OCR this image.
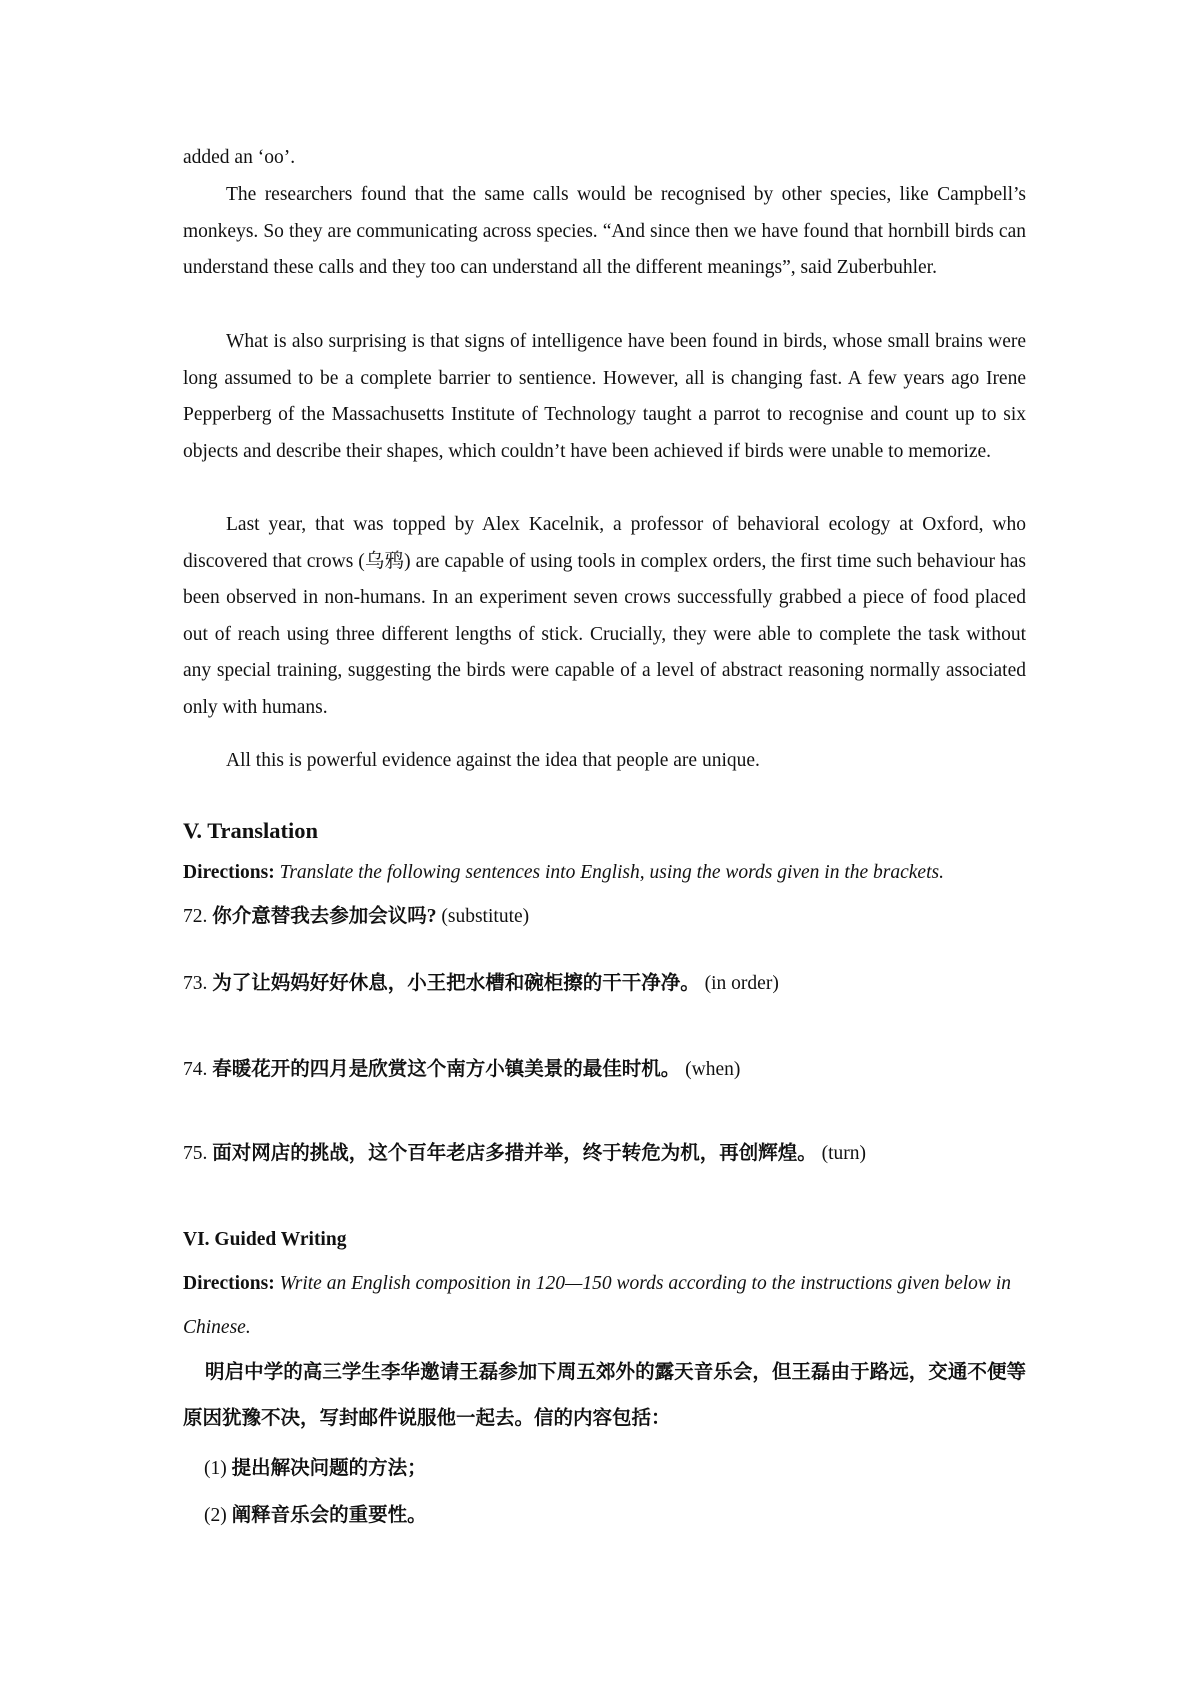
added an ‘oo’.
The researchers found that the same calls would be recognised by other species, like Campbell’s monkeys. So they are communicating across species. “And since then we have found that hornbill birds can understand these calls and they too can understand all the different meanings”, said Zuberbuhler.
What is also surprising is that signs of intelligence have been found in birds, whose small brains were long assumed to be a complete barrier to sentience. However, all is changing fast. A few years ago Irene Pepperberg of the Massachusetts Institute of Technology taught a parrot to recognise and count up to six objects and describe their shapes, which couldn’t have been achieved if birds were unable to memorize.
Last year, that was topped by Alex Kacelnik, a professor of behavioral ecology at Oxford, who discovered that crows (乌鸦) are capable of using tools in complex orders, the first time such behaviour has been observed in non-humans. In an experiment seven crows successfully grabbed a piece of food placed out of reach using three different lengths of stick. Crucially, they were able to complete the task without any special training, suggesting the birds were capable of a level of abstract reasoning normally associated only with humans.
All this is powerful evidence against the idea that people are unique.
V. Translation
Directions: Translate the following sentences into English, using the words given in the brackets.
72. 你介意替我去参加会议吗? (substitute)
73. 为了让妈妈好好休息，小王把水槽和碗柜擦的干干净净。 (in order)
74. 春暖花开的四月是欣赏这个南方小镇美景的最佳时机。 (when)
75. 面对网店的挑战，这个百年老店多措并举，终于转危为机，再创辉煌。 (turn)
VI. Guided Writing
Directions: Write an English composition in 120—150 words according to the instructions given below in Chinese.
明启中学的高三学生李华邀请王磊参加下周五郊外的露天音乐会，但王磊由于路远，交通不便等原因犹豫不决，写封邮件说服他一起去。信的内容包括：
(1) 提出解决问题的方法；
(2) 阐释音乐会的重要性。
